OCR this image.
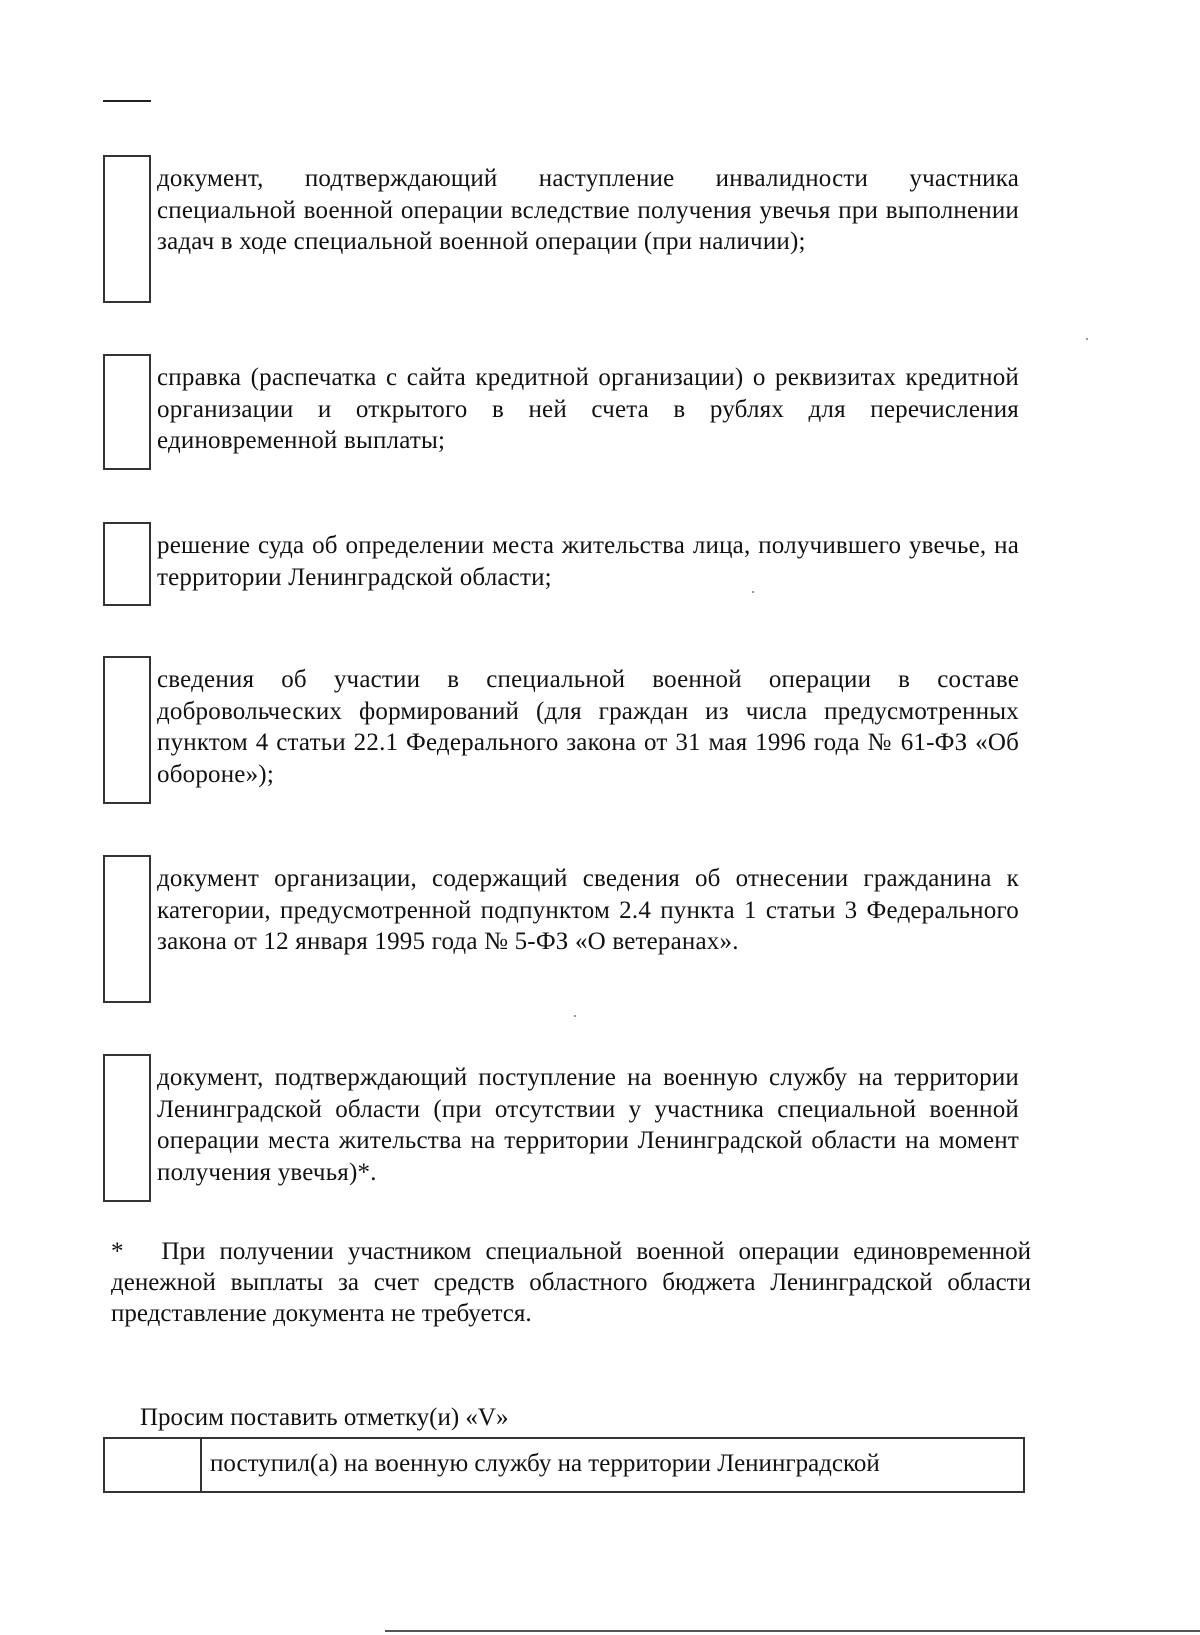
документ, подтверждающий наступление инвалидности участника специальной военной операции вследствие получения увечья при выполнении задач в ходе специальной военной операции (при наличии);
справка (распечатка с сайта кредитной организации) о реквизитах кредитной организации и открытого в ней счета в рублях для перечисления единовременной выплаты;
решение суда об определении места жительства лица, получившего увечье, на территории Ленинградской области;
сведения об участии в специальной военной операции в составе добровольческих формирований (для граждан из числа предусмотренных пунктом 4 статьи 22.1 Федерального закона от 31 мая 1996 года № 61-ФЗ «Об обороне»);
документ организации, содержащий сведения об отнесении гражданина к категории, предусмотренной подпунктом 2.4 пункта 1 статьи 3 Федерального закона от 12 января 1995 года № 5-ФЗ «О ветеранах».
документ, подтверждающий поступление на военную службу на территории Ленинградской области (при отсутствии у участника специальной военной операции места жительства на территории Ленинградской области на момент получения увечья)*.
* При получении участником специальной военной операции единовременной денежной выплаты за счет средств областного бюджета Ленинградской области представление документа не требуется.
Просим поставить отметку(и) «V»
поступил(а) на военную службу на территории Ленинградской
